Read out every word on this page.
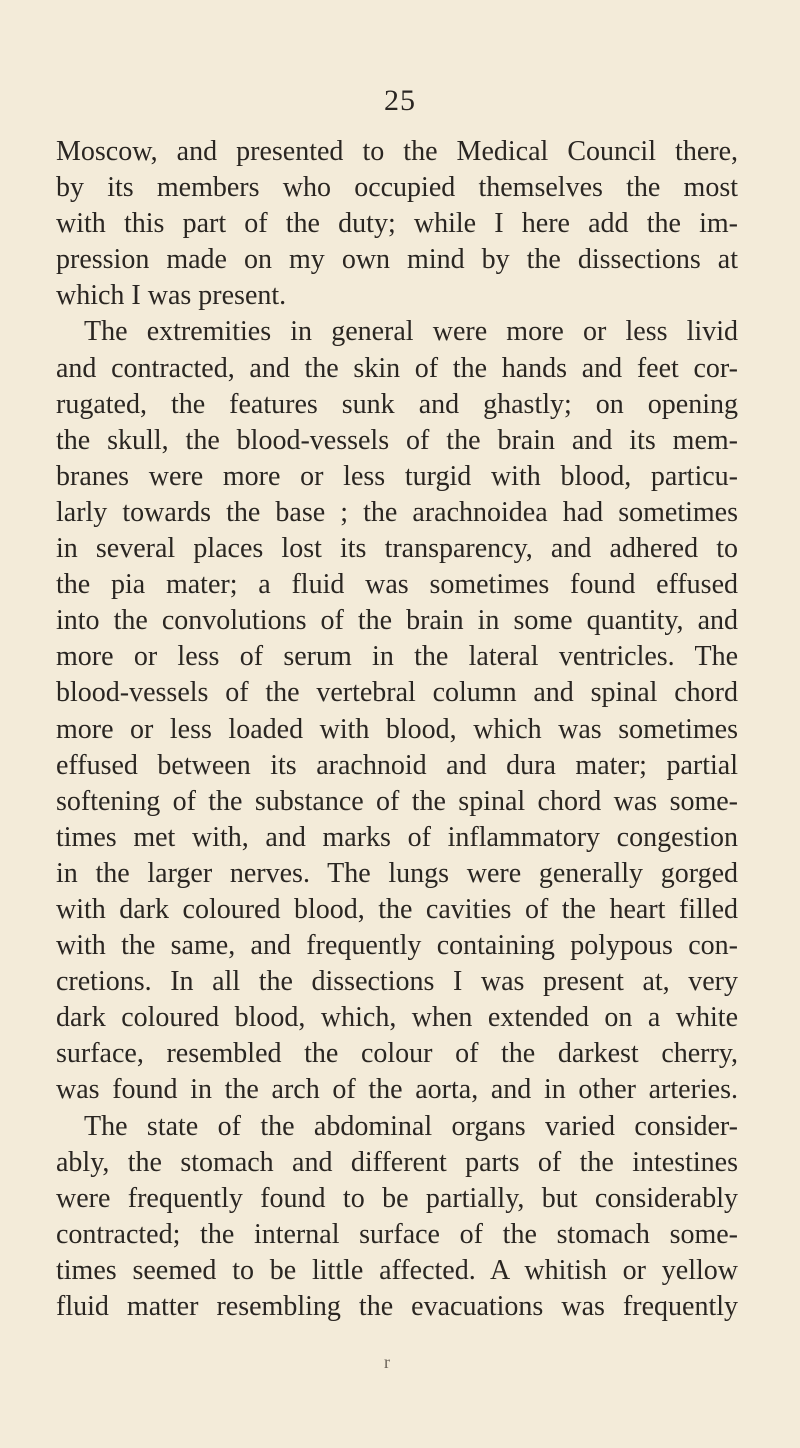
25
Moscow, and presented to the Medical Council there,
by its members who occupied themselves the most
with this part of the duty; while I here add the im-
pression made on my own mind by the dissections at
which I was present.
The extremities in general were more or less livid
and contracted, and the skin of the hands and feet cor-
rugated, the features sunk and ghastly; on opening
the skull, the blood-vessels of the brain and its mem-
branes were more or less turgid with blood, particu-
larly towards the base ; the arachnoidea had sometimes
in several places lost its transparency, and adhered to
the pia mater; a fluid was sometimes found effused
into the convolutions of the brain in some quantity, and
more or less of serum in the lateral ventricles. The
blood-vessels of the vertebral column and spinal chord
more or less loaded with blood, which was sometimes
effused between its arachnoid and dura mater; partial
softening of the substance of the spinal chord was some-
times met with, and marks of inflammatory congestion
in the larger nerves. The lungs were generally gorged
with dark coloured blood, the cavities of the heart filled
with the same, and frequently containing polypous con-
cretions. In all the dissections I was present at, very
dark coloured blood, which, when extended on a white
surface, resembled the colour of the darkest cherry,
was found in the arch of the aorta, and in other arteries.
The state of the abdominal organs varied consider-
ably, the stomach and different parts of the intestines
were frequently found to be partially, but considerably
contracted; the internal surface of the stomach some-
times seemed to be little affected. A whitish or yellow
fluid matter resembling the evacuations was frequently
r
